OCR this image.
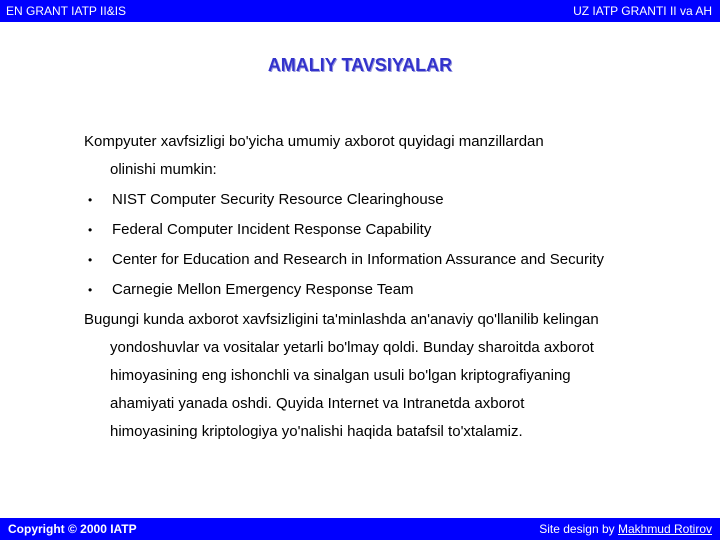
EN GRANT IATP II&IS	UZ IATP GRANTI II va AH
AMALIY TAVSIYALAR

Kompyuter xavfsizligi bo'yicha umumiy axborot quyidagi manzillardan
olinishi mumkin:

• NIST Computer Security Resource Clearinghouse
• Federal Computer Incident Response Capability
• Center for Education and Research in Information Assurance and Security
• Carnegie Mellon Emergency Response Team
Bugungi kunda axborot xavfsizligini ta'minlashda an'anaviy qo'llanilib kelingan
yondoshuvlar va vositalar yetarli bo'lmay qoldi. Bunday sharoitda axborot
himoyasining eng ishonchli va sinalgan usuli bo'lgan kriptografiyaning
ahamiyati yanada oshdi. Quyida Internet va Intranetda axborot
himoyasining kriptologiya yo'nalishi haqida batafsil to'xtalamiz.
Copyright © 2000 IATP	Site design by Makhmud Rotirov
